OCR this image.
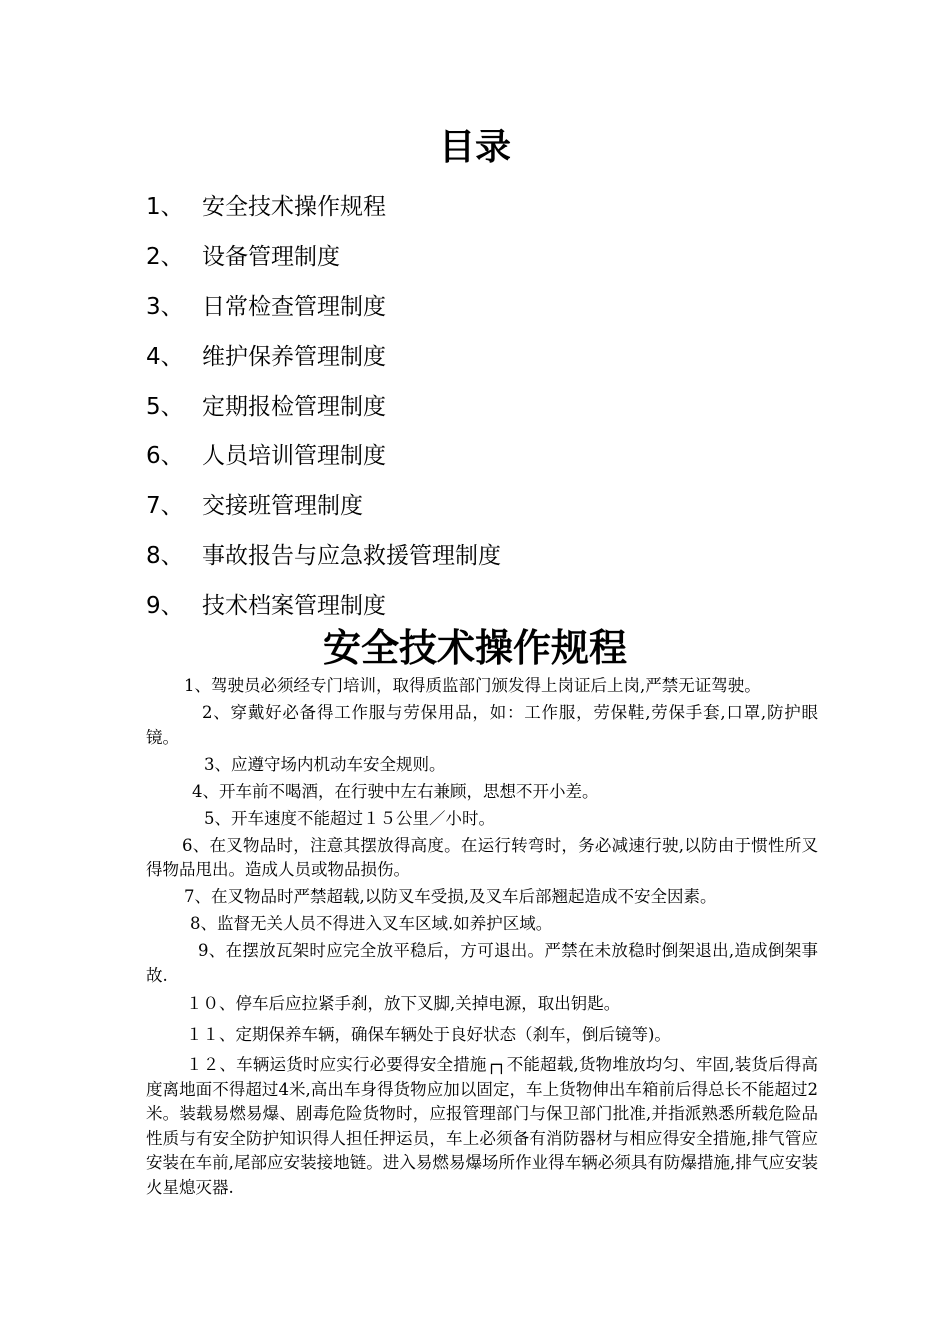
目录
1、 安全技术操作规程
2、 设备管理制度
3、 日常检查管理制度
4、 维护保养管理制度
5、 定期报检管理制度
6、 人员培训管理制度
7、 交接班管理制度
8、 事故报告与应急救援管理制度
9、 技术档案管理制度
安全技术操作规程

1、驾驶员必须经专门培训，取得质监部门颁发得上岗证后上岗,严禁无证驾驶。

2、穿戴好必备得工作服与劳保用品，如：工作服，劳保鞋,劳保手套,口罩,防护眼镜。

3、应遵守场内机动车安全规则。

4、开车前不喝酒，在行驶中左右兼顾，思想不开小差。

5、开车速度不能超过１５公里／小时。

6、在叉物品时，注意其摆放得高度。在运行转弯时，务必减速行驶,以防由于惯性所叉得物品甩出。造成人员或物品损伤。

7、在叉物品时严禁超载,以防叉车受损,及叉车后部翘起造成不安全因素。

8、监督无关人员不得进入叉车区域.如养护区域。

9、在摆放瓦架时应完全放平稳后，方可退出。严禁在未放稳时倒架退出,造成倒架事故.

１０、停车后应拉紧手刹，放下叉脚,关掉电源，取出钥匙。

１１、定期保养车辆，确保车辆处于良好状态（刹车，倒后镜等)。

１２、车辆运货时应实行必要得安全措施┌┐不能超载,货物堆放均匀、牢固,装货后得高度离地面不得超过4米,高出车身得货物应加以固定，车上货物伸出车箱前后得总长不能超过2米。装载易燃易爆、剧毒危险货物时，应报管理部门与保卫部门批准,并指派熟悉所载危险品性质与有安全防护知识得人担任押运员，车上必须备有消防器材与相应得安全措施,排气管应安装在车前,尾部应安装接地链。进入易燃易爆场所作业得车辆必须具有防爆措施,排气应安装火星熄灭器.
